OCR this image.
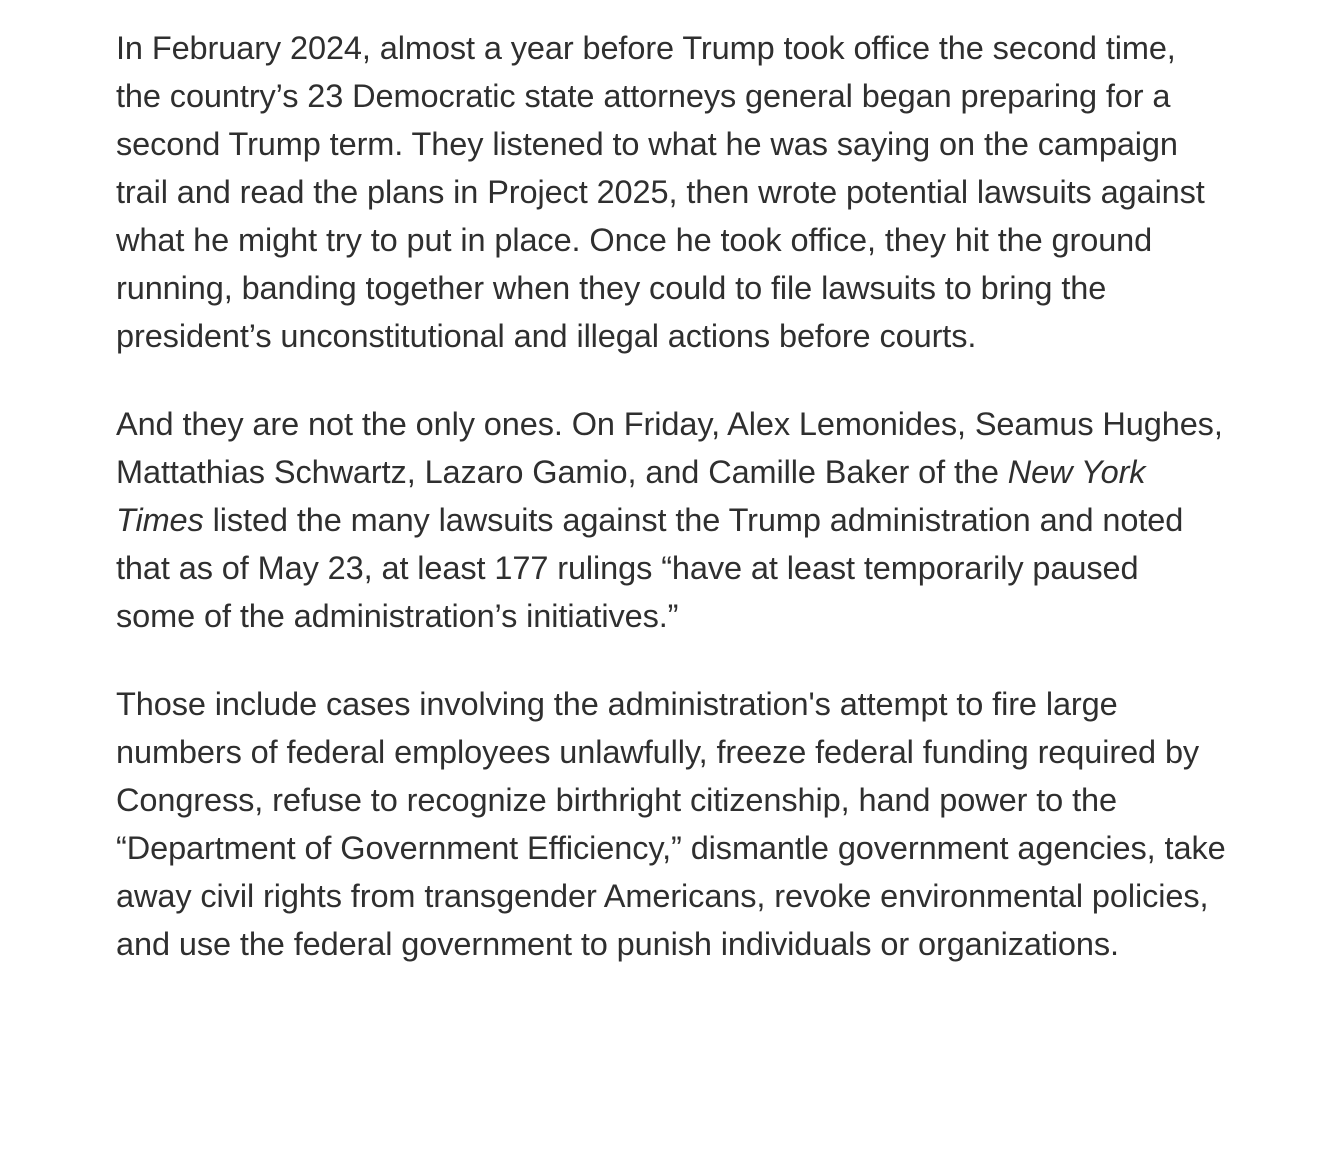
In February 2024, almost a year before Trump took office the second time, the country’s 23 Democratic state attorneys general began preparing for a second Trump term. They listened to what he was saying on the campaign trail and read the plans in Project 2025, then wrote potential lawsuits against what he might try to put in place. Once he took office, they hit the ground running, banding together when they could to file lawsuits to bring the president’s unconstitutional and illegal actions before courts.

And they are not the only ones. On Friday, Alex Lemonides, Seamus Hughes, Mattathias Schwartz, Lazaro Gamio, and Camille Baker of the New York Times listed the many lawsuits against the Trump administration and noted that as of May 23, at least 177 rulings “have at least temporarily paused some of the administration’s initiatives.”

Those include cases involving the administration's attempt to fire large numbers of federal employees unlawfully, freeze federal funding required by Congress, refuse to recognize birthright citizenship, hand power to the “Department of Government Efficiency,” dismantle government agencies, take away civil rights from transgender Americans, revoke environmental policies, and use the federal government to punish individuals or organizations.
